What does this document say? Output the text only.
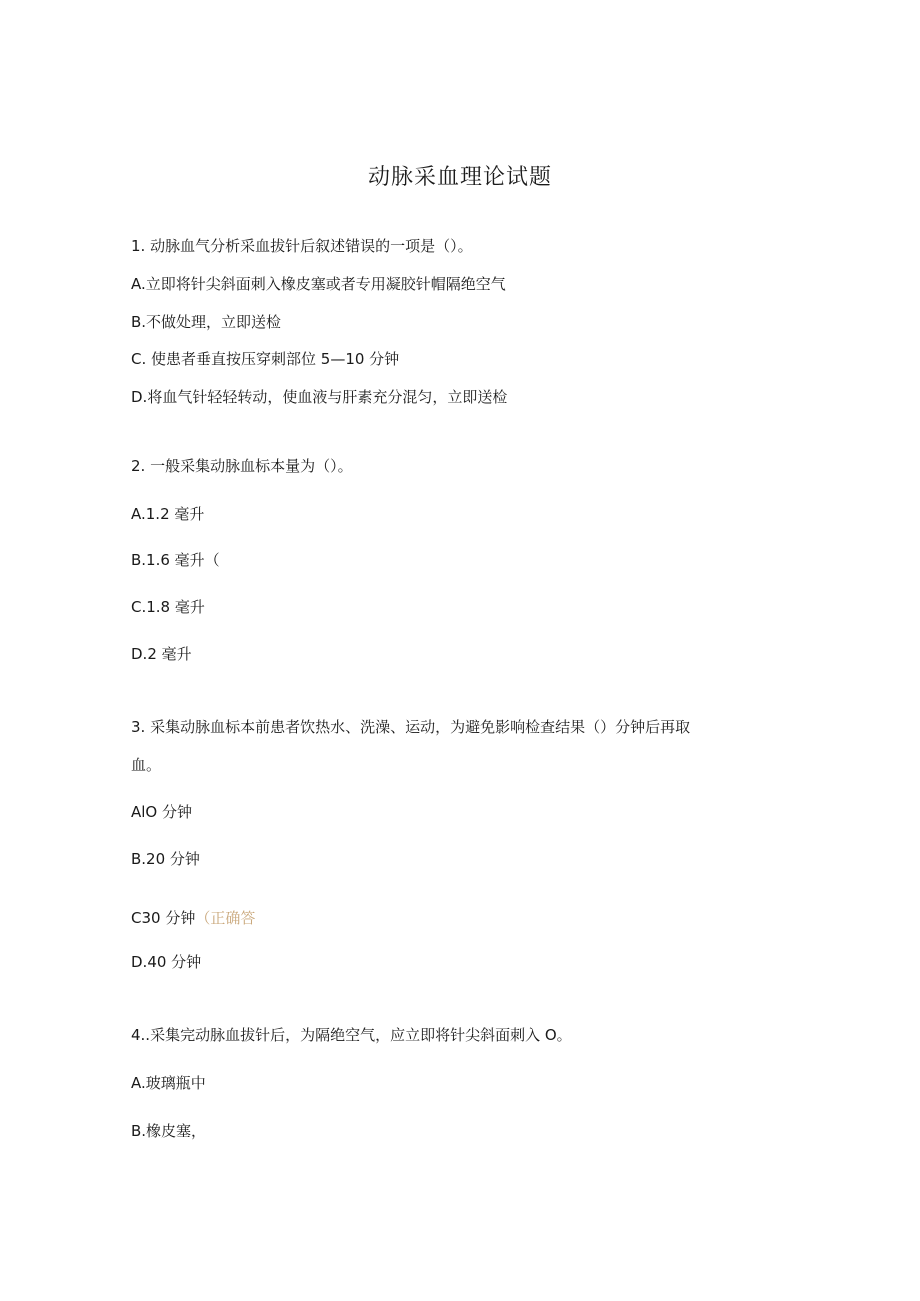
动脉采血理论试题
1. 动脉血气分析采血拔针后叙述错误的一项是（）。
A.立即将针尖斜面刺入橡皮塞或者专用凝胶针帽隔绝空气
B.不做处理，立即送检
C. 使患者垂直按压穿刺部位 5—10 分钟
D.将血气针轻轻转动，使血液与肝素充分混匀，立即送检
2. 一般采集动脉血标本量为（）。
A.1.2 毫升
B.1.6 毫升（
C.1.8 毫升
D.2 毫升
3. 采集动脉血标本前患者饮热水、洗澡、运动，为避免影响检查结果（）分钟后再取
血。
AlO 分钟
B.20 分钟
C30 分钟（正确答
D.40 分钟
4..采集完动脉血拔针后，为隔绝空气，应立即将针尖斜面刺入 O。
A.玻璃瓶中
B.橡皮塞，
